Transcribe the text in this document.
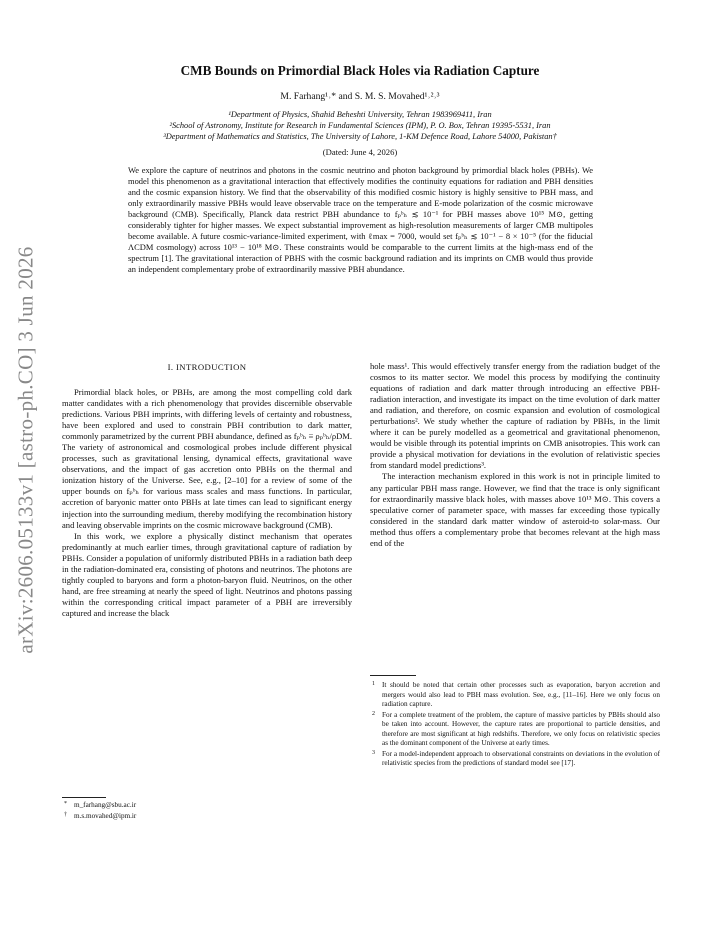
arXiv:2606.05133v1 [astro-ph.CO] 3 Jun 2026
CMB Bounds on Primordial Black Holes via Radiation Capture
M. Farhang¹˒* and S. M. S. Movahed¹˒²˒³
¹Department of Physics, Shahid Beheshti University, Tehran 1983969411, Iran
²School of Astronomy, Institute for Research in Fundamental Sciences (IPM), P. O. Box, Tehran 19395-5531, Iran
³Department of Mathematics and Statistics, The University of Lahore, 1-KM Defence Road, Lahore 54000, Pakistan†
(Dated: June 4, 2026)
We explore the capture of neutrinos and photons in the cosmic neutrino and photon background by primordial black holes (PBHs). We model this phenomenon as a gravitational interaction that effectively modifies the continuity equations for radiation and PBH densities and the cosmic expansion history. We find that the observability of this modified cosmic history is highly sensitive to PBH mass, and only extraordinarily massive PBHs would leave observable trace on the temperature and E-mode polarization of the cosmic microwave background (CMB). Specifically, Planck data restrict PBH abundance to fₚᵇₕ ≲ 10⁻¹ for PBH masses above 10¹⁵ M⊙, getting considerably tighter for higher masses. We expect substantial improvement as high-resolution measurements of larger CMB multipoles become available. A future cosmic-variance-limited experiment, with ℓmax = 7000, would set fₚᵇₕ ≲ 10⁻¹ − 8 × 10⁻⁵ (for the fiducial ΛCDM cosmology) across 10¹³ − 10¹⁸ M⊙. These constraints would be comparable to the current limits at the high-mass end of the spectrum [1]. The gravitational interaction of PBHS with the cosmic background radiation and its imprints on CMB would thus provide an independent complementary probe of extraordinarily massive PBH abundance.
I. INTRODUCTION

Primordial black holes, or PBHs, are among the most compelling cold dark matter candidates with a rich phenomenology that provides discernible observable predictions. Various PBH imprints, with differing levels of certainty and robustness, have been explored and used to constrain PBH contribution to dark matter, commonly parametrized by the current PBH abundance, defined as fₚᵇₕ ≡ ρₚᵇₕ/ρDM. The variety of astronomical and cosmological probes include different physical processes, such as gravitational lensing, dynamical effects, gravitational wave observations, and the impact of gas accretion onto PBHs on the thermal and ionization history of the Universe. See, e.g., [2–10] for a review of some of the upper bounds on fₚᵇₕ for various mass scales and mass functions. In particular, accretion of baryonic matter onto PBHs at late times can lead to significant energy injection into the surrounding medium, thereby modifying the recombination history and leaving observable imprints on the cosmic microwave background (CMB).

In this work, we explore a physically distinct mechanism that operates predominantly at much earlier times, through gravitational capture of radiation by PBHs. Consider a population of uniformly distributed PBHs in a radiation bath deep in the radiation-dominated era, consisting of photons and neutrinos. The photons are tightly coupled to baryons and form a photon-baryon fluid. Neutrinos, on the other hand, are free streaming at nearly the speed of light. Neutrinos and photons passing within the corresponding critical impact parameter of a PBH are irreversibly captured and increase the black

hole mass¹. This would effectively transfer energy from the radiation budget of the cosmos to its matter sector. We model this process by modifying the continuity equations of radiation and dark matter through introducing an effective PBH-radiation interaction, and investigate its impact on the time evolution of dark matter and radiation, and therefore, on cosmic expansion and evolution of cosmological perturbations². We study whether the capture of radiation by PBHs, in the limit where it can be purely modelled as a geometrical and gravitational phenomenon, would be visible through its potential imprints on CMB anisotropies. This work can provide a physical motivation for deviations in the evolution of relativistic species from standard model predictions³.

The interaction mechanism explored in this work is not in principle limited to any particular PBH mass range. However, we find that the trace is only significant for extraordinarily massive black holes, with masses above 10¹³ M⊙. This covers a speculative corner of parameter space, with masses far exceeding those typically considered in the standard dark matter window of asteroid-to solar-mass. Our method thus offers a complementary probe that becomes relevant at the high mass end of the

1 It should be noted that certain other processes such as evaporation, baryon accretion and mergers would also lead to PBH mass evolution. See, e.g., [11–16]. Here we only focus on radiation capture.
2 For a complete treatment of the problem, the capture of massive particles by PBHs should also be taken into account. However, the capture rates are proportional to particle densities, and therefore are most significant at high redshifts. Therefore, we only focus on relativistic species as the dominant component of the Universe at early times.
3 For a model-independent approach to observational constraints on deviations in the evolution of relativistic species from the predictions of standard model see [17].
* m_farhang@sbu.ac.ir
† m.s.movahed@ipm.ir
